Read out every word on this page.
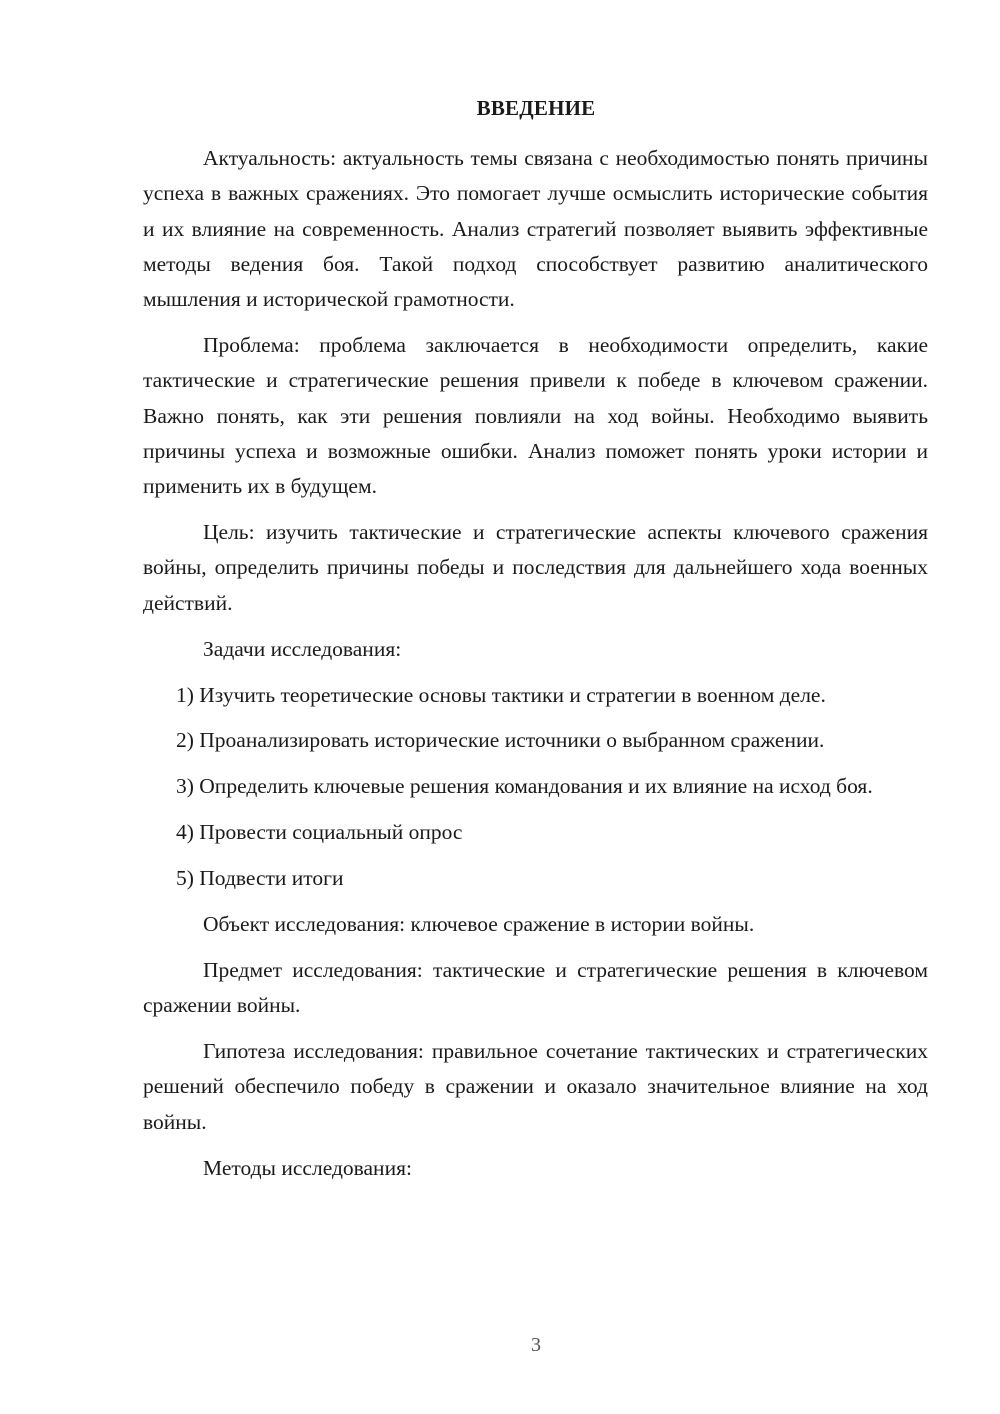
ВВЕДЕНИЕ

Актуальность: актуальность темы связана с необходимостью понять причины успеха в важных сражениях. Это помогает лучше осмыслить исторические события и их влияние на современность. Анализ стратегий позволяет выявить эффективные методы ведения боя. Такой подход способствует развитию аналитического мышления и исторической грамотности.

Проблема: проблема заключается в необходимости определить, какие тактические и стратегические решения привели к победе в ключевом сражении. Важно понять, как эти решения повлияли на ход войны. Необходимо выявить причины успеха и возможные ошибки. Анализ поможет понять уроки истории и применить их в будущем.

Цель: изучить тактические и стратегические аспекты ключевого сражения войны, определить причины победы и последствия для дальнейшего хода военных действий.

Задачи исследования:

1) Изучить теоретические основы тактики и стратегии в военном деле.

2) Проанализировать исторические источники о выбранном сражении.

3) Определить ключевые решения командования и их влияние на исход боя.

4) Провести социальный опрос

5) Подвести итоги

Объект исследования: ключевое сражение в истории войны.

Предмет исследования: тактические и стратегические решения в ключевом сражении войны.

Гипотеза исследования: правильное сочетание тактических и стратегических решений обеспечило победу в сражении и оказало значительное влияние на ход войны.

Методы исследования:

3
